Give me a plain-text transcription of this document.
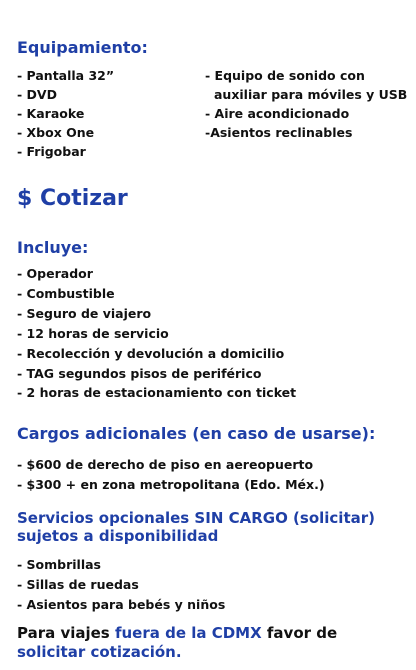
Equipamiento:
- Pantalla 32”
- DVD
- Karaoke
- Xbox One
- Frigobar
- Equipo de sonido con
auxiliar para móviles y USB
- Aire acondicionado
-Asientos reclinables
$ Cotizar
Incluye:
- Operador
- Combustible
- Seguro de viajero
- 12 horas de servicio
- Recolección y devolución a domicilio
- TAG segundos pisos de periférico
- 2 horas de estacionamiento con ticket
Cargos adicionales (en caso de usarse):
- $600 de derecho de piso en aereopuerto
- $300 + en zona metropolitana (Edo. Méx.)
Servicios opcionales SIN CARGO (solicitar)
sujetos a disponibilidad
- Sombrillas
- Sillas de ruedas
- Asientos para bebés y niños

Para viajes fuera de la CDMX favor de
solicitar cotización.
